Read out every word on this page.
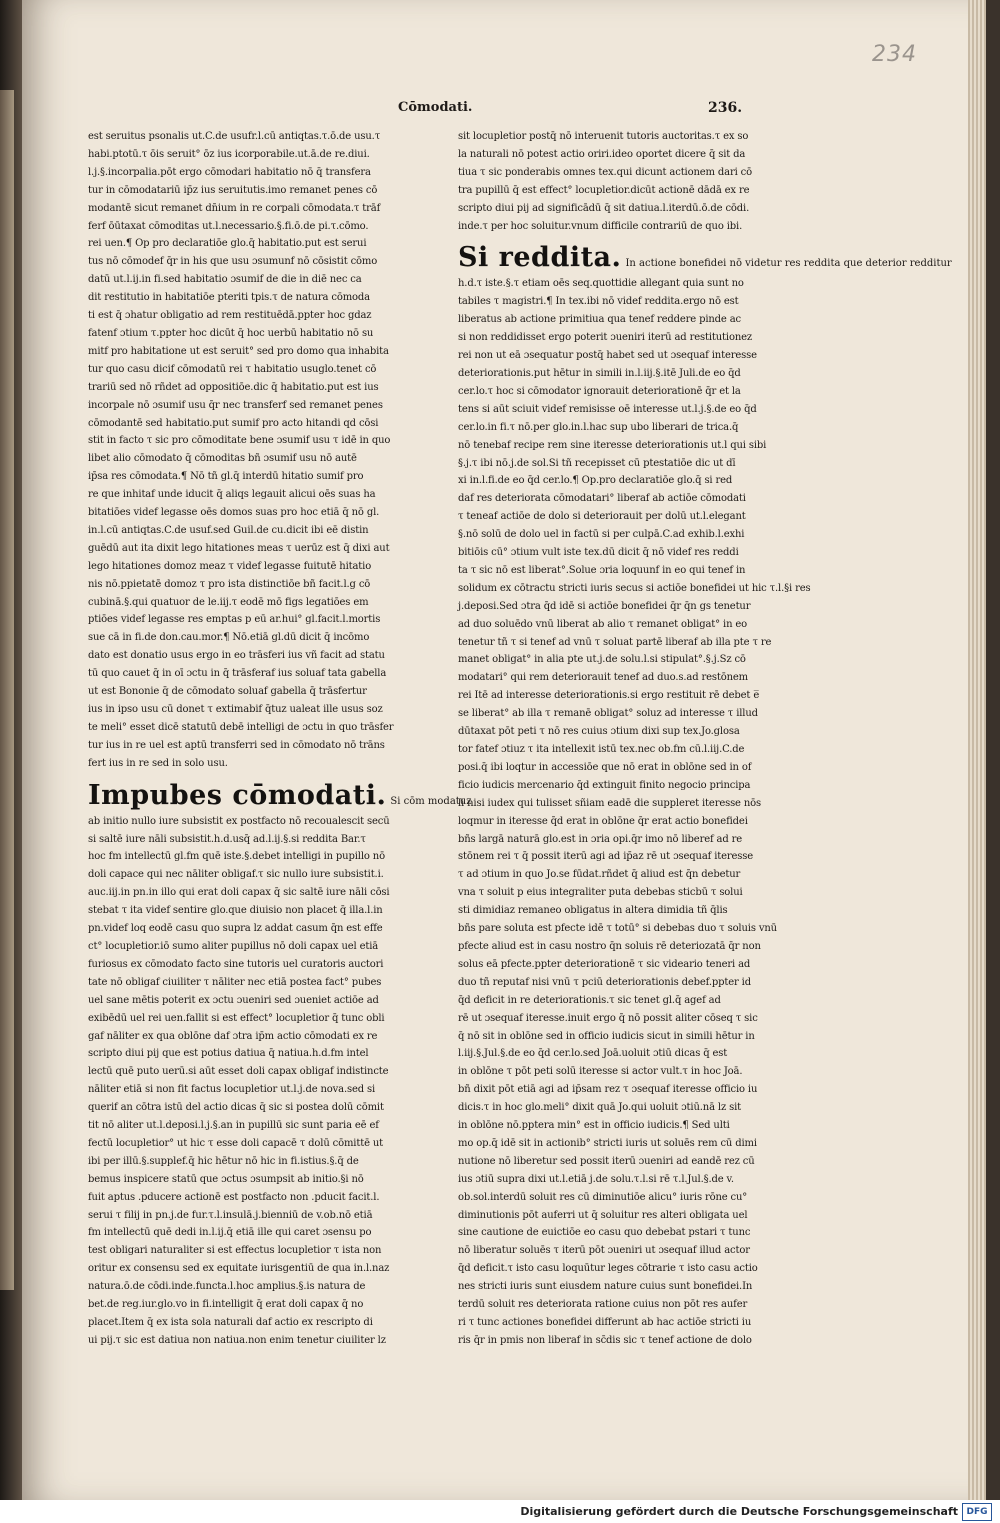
234
Cōmodati.	236.
est seruitus psonalis ut.C.de usufr.l.cū antiqtas.τ.ō.de usu.τ
habi.ptotū.τ ōis seruit° ōz ius icorporabile.ut.ā.de re.diui.
l.j.§.incorpalia.pōt ergo cōmodari habitatio nō q̄ transfera
tur in cōmodatariū ip̄z ius seruitutis.imo remanet penes cō
modantē sicut remanet dn̄ium in re corpali cōmodata.τ trāf
ferf ōūtaxat cōmoditas ut.l.necessario.§.fi.ō.de pi.τ.cōmo.
rei uen.¶ Op pro declaratiōe glo.q̄ habitatio.put est serui
tus nō cōmodef q̄r in his que usu ɔsumunf nō cōsistit cōmo
datū ut.l.ij.in fi.sed habitatio ɔsumif de die in diē nec ca
dit restitutio in habitatiōe pteriti tpis.τ de natura cōmoda
ti est q̄ ɔhatur obligatio ad rem restituēdā.ppter hoc gdaz
fatenf ɔtium τ.ppter hoc dicūt q̄ hoc uerbū habitatio nō su
mitf pro habitatione ut est seruit° sed pro domo qua inhabita
tur quo casu dicif cōmodatū rei τ habitatio usuglo.tenet cō
trariū sed nō rñdet ad oppositiōe.dic q̄ habitatio.put est ius
incorpale nō ɔsumif usu q̄r nec transferf sed remanet penes
cōmodantē sed habitatio.put sumif pro acto hitandi qd cōsi
stit in facto τ sic pro cōmoditate bene ɔsumif usu τ idē in quo
libet alio cōmodato q̄ cōmoditas bñ ɔsumif usu nō autē
ip̄sa res cōmodata.¶ Nō tñ gl.q̄ interdū hitatio sumif pro
re que inhitaf unde iducit q̄ aliqs legauit alicui oēs suas ha
bitatiōes videf legasse oēs domos suas pro hoc etiā q̄ nō gl.
in.l.cū antiqtas.C.de usuf.sed Guil.de cu.dicit ibi eē distin
guēdū aut ita dixit lego hitationes meas τ uerūz est q̄ dixi aut
lego hitationes domoz meaz τ videf legasse fuitutē hitatio
nis nō.ppietatē domoz τ pro ista distinctiōe bñ facit.l.g cō
cubinā.§.qui quatuor de le.iij.τ eodē mō figs legatiōes em
ptiōes videf legasse res emptas p eū ar.hui° gl.facit.l.mortis
sue cā in fi.de don.cau.mor.¶ Nō.etiā gl.dū dicit q̄ incōmo
dato est donatio usus ergo in eo trāsferi ius vñ facit ad statu
tū quo cauet q̄ in oī ɔctu in q̄ trāsferaf ius soluaf tata gabella
ut est Bononie q̄ de cōmodato soluaf gabella q̄ trāsfertur
ius in ipso usu cū donet τ extimabif q̄tuz ualeat ille usus soz
te meli° esset dicē statutū debē intelligi de ɔctu in quo trāsfer
tur ius in re uel est aptū transferri sed in cōmodato nō trāns
fert ius in re sed in solo usu.
Impubes cōmodati. Si cōm modatuz
ab initio nullo iure subsistit ex postfacto nō recoualescit secū
si saltē iure nāli subsistit.h.d.usq̄ ad.l.ij.§.si reddita Bar.τ
hoc fm intellectū gl.fm quē iste.§.debet intelligi in pupillo nō
doli capace qui nec nāliter obligaf.τ sic nullo iure subsistit.i.
auc.iij.in pn.in illo qui erat doli capax q̄ sic saltē iure nāli cōsi
stebat τ ita videf sentire glo.que diuisio non placet q̄ illa.l.in
pn.videf loq eodē casu quo supra lz addat casum q̄n est effe
ct° locupletior.iō sumo aliter pupillus nō doli capax uel etiā
furiosus ex cōmodato facto sine tutoris uel curatoris auctori
tate nō obligaf ciuiliter τ nāliter nec etiā postea fact° pubes
uel sane mētis poterit ex ɔctu ɔueniri sed ɔueniet actiōe ad
exibēdū uel rei uen.fallit si est effect° locupletior q̄ tunc obli
gaf nāliter ex qua oblōne daf ɔtra ip̄m actio cōmodati ex re
scripto diui pij que est potius datiua q̄ natiua.h.d.fm intel
lectū quē puto uerū.si aūt esset doli capax obligaf indistincte
nāliter etiā si non fit factus locupletior ut.l.j.de nova.sed si
querif an cōtra istū del actio dicas q̄ sic si postea dolū cōmit
tit nō aliter ut.l.deposi.l.j.§.an in pupillū sic sunt paria eē ef
fectū locupletior° ut hic τ esse doli capacē τ dolū cōmittē ut
ibi per illū.§.supplef.q̄ hic hētur nō hic in fi.istius.§.q̄ de
bemus inspicere statū que ɔctus ɔsumpsit ab initio.§i nō
fuit aptus .pducere actionē est postfacto non .pducit facit.l.
serui τ filij in pn.j.de fur.τ.l.insulā.j.bienniū de v.ob.nō etiā
fm intellectū quē dedi in.l.ij.q̄ etiā ille qui caret ɔsensu po
test obligari naturaliter si est effectus locupletior τ ista non
oritur ex consensu sed ex equitate iurisgentiū de qua in.l.naz
natura.ō.de cōdi.inde.functa.l.hoc amplius.§.is natura de
bet.de reg.iur.glo.vo in fi.intelligit q̄ erat doli capax q̄ no
placet.Item q̄ ex ista sola naturali daf actio ex rescripto di
ui pij.τ sic est datiua non natiua.non enim tenetur ciuiliter lz
sit locupletior postq̄ nō interuenit tutoris auctoritas.τ ex so
la naturali nō potest actio oriri.ideo oportet dicere q̄ sit da
tiua τ sic ponderabis omnes tex.qui dicunt actionem dari cō
tra pupillū q̄ est effect° locupletior.dicūt actionē dādā ex re
scripto diui pij ad significādū q̄ sit datiua.l.iterdū.ō.de cōdi.
inde.τ per hoc soluitur.vnum difficile contrariū de quo ibi.
Si reddita. In actione bonefidei nō videtur res reddita que deterior redditur
h.d.τ iste.§.τ etiam oēs seq.quottidie allegant quia sunt no
tabiles τ magistri.¶ In tex.ibi nō videf reddita.ergo nō est
liberatus ab actione primitiua qua tenef reddere pinde ac
si non reddidisset ergo poterit ɔueniri iterū ad restitutionez
rei non ut eā ɔsequatur postq̄ habet sed ut ɔsequaf interesse
deteriorationis.put hētur in simili in.l.iij.§.itē Juli.de eo q̄d
cer.lo.τ hoc si cōmodator ignorauit deteriorationē q̄r et la
tens si aūt sciuit videf remisisse oē interesse ut.l.j.§.de eo q̄d
cer.lo.in fi.τ nō.per glo.in.l.hac sup ubo liberari de trica.q̄
nō tenebaf recipe rem sine iteresse deteriorationis ut.l qui sibi
§.j.τ ibi nō.j.de sol.Si tñ recepisset cū ptestatiōe dic ut dī
xi in.l.fi.de eo q̄d cer.lo.¶ Op.pro declaratiōe glo.q̄ si red
daf res deteriorata cōmodatari° liberaf ab actiōe cōmodati
τ teneaf actiōe de dolo si deteriorauit per dolū ut.l.elegant
§.nō solū de dolo uel in factū si per culpā.C.ad exhib.l.exhi
bitiōis cū° ɔtium vult iste tex.dū dicit q̄ nō videf res reddi
ta τ sic nō est liberat°.Solue ɔria loquunf in eo qui tenef in
solidum ex cōtractu stricti iuris secus si actiōe bonefidei ut hic τ.l.§i res
j.deposi.Sed ɔtra q̄d idē si actiōe bonefidei q̄r q̄n gs tenetur
ad duo soluēdo vnū liberat ab alio τ remanet obligat° in eo
tenetur tñ τ si tenef ad vnū τ soluat partē liberaf ab illa pte τ re
manet obligat° in alia pte ut.j.de solu.l.si stipulat°.§.j.Sz cō
modatari° qui rem deteriorauit tenef ad duo.s.ad restōnem
rei Itē ad interesse deteriorationis.si ergo restituit rē debet e̅
se liberat° ab illa τ remanē obligat° soluz ad interesse τ illud
dūtaxat pōt peti τ nō res cuius ɔtium dixi sup tex.Jo.glosa
tor fatef ɔtiuz τ ita intellexit istū tex.nec ob.fm cū.l.iij.C.de
posi.q̄ ibi loqtur in accessiōe que nō erat in oblōne sed in of
ficio iudicis mercenario q̄d extinguit finito negocio principa
li nisi iudex qui tulisset sñiam eadē die suppleret iteresse nōs
loqmur in iteresse q̄d erat in oblōne q̄r erat actio bonefidei
bñs largā naturā glo.est in ɔria opi.q̄r imo nō liberef ad re
stōnem rei τ q̄ possit iterū agi ad ip̄az rē ut ɔsequaf iteresse
τ ad ɔtium in quo Jo.se fūdat.rñdet q̄ aliud est q̄n debetur
vna τ soluit p eius integraliter puta debebas sticbū τ solui
sti dimidiaz remaneo obligatus in altera dimidia tñ q̄lis
bñs pare soluta est pfecte idē τ totū° si debebas duo τ soluis vnū
pfecte aliud est in casu nostro q̄n soluis rē deteriozatā q̄r non
solus eā pfecte.ppter deteriorationē τ sic videario teneri ad
duo tñ reputaf nisi vnū τ pciū deteriorationis debef.ppter id
q̄d deficit in re deteriorationis.τ sic tenet gl.q̄ agef ad
rē ut ɔsequaf iteresse.inuit ergo q̄ nō possit aliter cōseq τ sic
q̄ nō sit in oblōne sed in officio iudicis sicut in simili hētur in
l.iij.§.Jul.§.de eo q̄d cer.lo.sed Joā.uoluit ɔtiū dicas q̄ est
in oblōne τ pōt peti solū iteresse si actor vult.τ in hoc Joā.
bñ dixit pōt etiā agi ad ip̄sam rez τ ɔsequaf iteresse officio iu
dicis.τ in hoc glo.meli° dixit quā Jo.qui uoluit ɔtiū.nā lz sit
in oblōne nō.pptera min° est in officio iudicis.¶ Sed ulti
mo op.q̄ idē sit in actionib° stricti iuris ut soluēs rem cū dimi
nutione nō liberetur sed possit iterū ɔueniri ad eandē rez cū
ius ɔtiū supra dixi ut.l.etiā j.de solu.τ.l.si rē τ.l.Jul.§.de v.
ob.sol.interdū soluit res cū diminutiōe alicu° iuris rōne cu°
diminutionis pōt auferri ut q̄ soluitur res alteri obligata uel
sine cautione de euictiōe eo casu quo debebat pstari τ tunc
nō liberatur soluēs τ iterū pōt ɔueniri ut ɔsequaf illud actor
q̄d deficit.τ isto casu loquūtur leges cōtrarie τ isto casu actio
nes stricti iuris sunt eiusdem nature cuius sunt bonefidei.In
terdū soluit res deteriorata ratione cuius non pōt res aufer
ri τ tunc actiones bonefidei differunt ab hac actiōe stricti iu
ris q̄r in pmis non liberaf in sc̄dis sic τ tenef actione de dolo
Digitalisierung gefördert durch die Deutsche Forschungsgemeinschaft DFG
